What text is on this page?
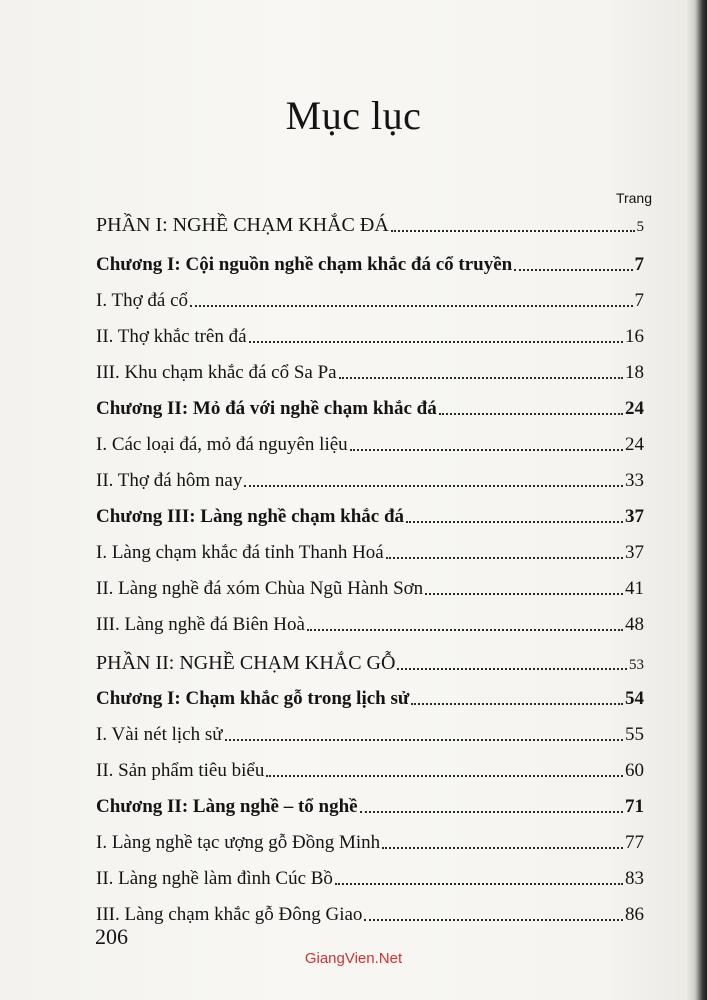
Mục lục
Trang
PHẦN I: NGHỀ CHẠM KHẮC ĐÁ	5
Chương I: Cội nguồn nghề chạm khắc đá cổ truyền	7
I. Thợ đá cổ	7
II. Thợ khắc trên đá	16
III. Khu chạm khắc đá cổ Sa Pa	18
Chương II: Mỏ đá với nghề chạm khắc đá	24
I. Các loại đá, mỏ đá nguyên liệu	24
II. Thợ đá hôm nay	33
Chương III: Làng nghề chạm khắc đá	37
I. Làng chạm khắc đá tỉnh Thanh Hoá	37
II. Làng nghề đá xóm Chùa Ngũ Hành Sơn	41
III. Làng nghề đá Biên Hoà	48
PHẦN II: NGHỀ CHẠM KHẮC GỖ	53
Chương I: Chạm khắc gỗ trong lịch sử	54
I. Vài nét lịch sử	55
II. Sản phẩm tiêu biểu	60
Chương II: Làng nghề – tổ nghề	71
I. Làng nghề tạc ượng gỗ Đồng Minh	77
II. Làng nghề làm đình Cúc Bồ	83
III. Làng chạm khắc gỗ Đông Giao	86
206
GiangVien.Net
